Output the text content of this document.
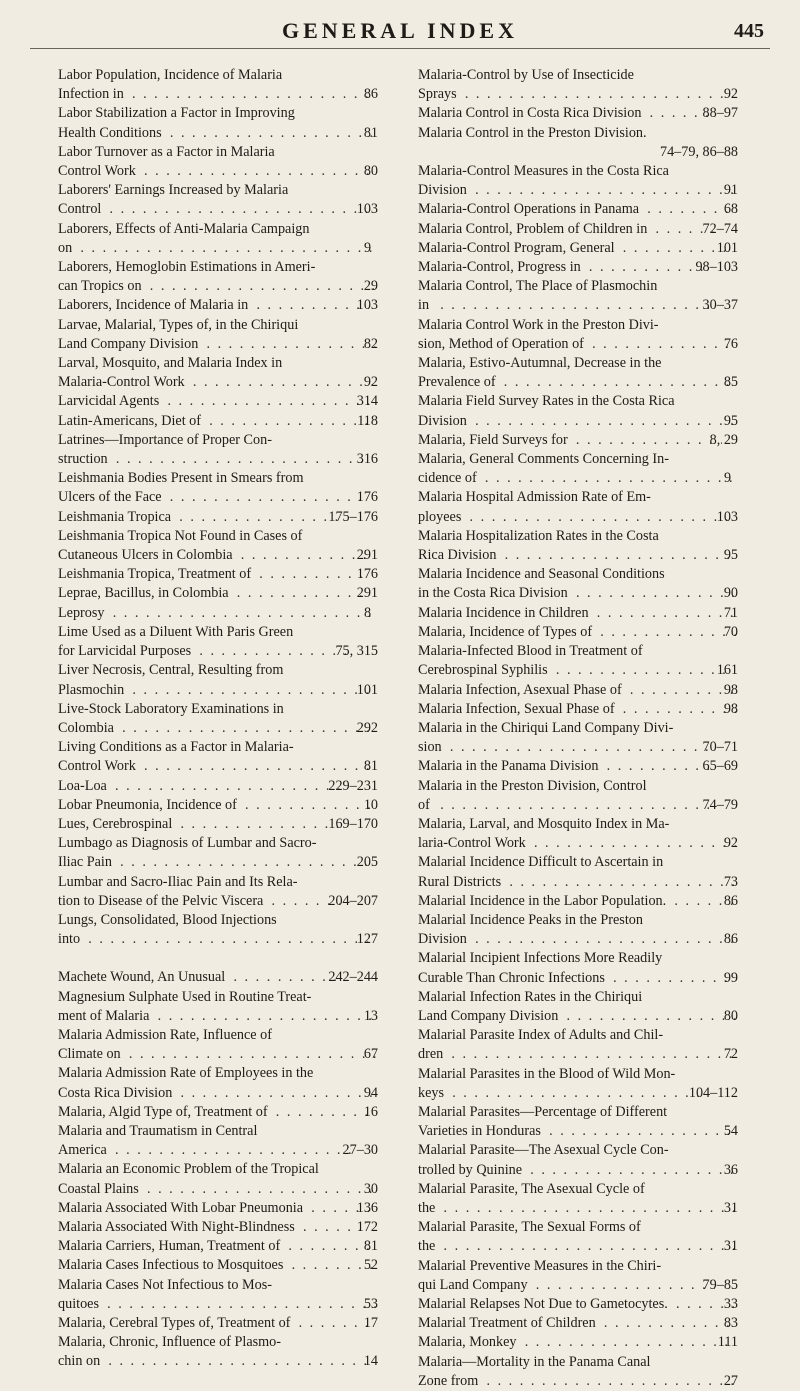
GENERAL INDEX	445
Labor Population, Incidence of Malaria
Infection in . . .	86
Labor Stabilization a Factor in Improving
Health Conditions . . .	81
Labor Turnover as a Factor in Malaria
Control Work . . .	80
Laborers' Earnings Increased by Malaria
Control . . .	103
Laborers, Effects of Anti-Malaria Campaign
on . . .	9
Laborers, Hemoglobin Estimations in Ameri-
can Tropics on . . .	29
Laborers, Incidence of Malaria in . . .	103
Larvae, Malarial, Types of, in the Chiriqui
Land Company Division . . .	82
Larval, Mosquito, and Malaria Index in
Malaria-Control Work . . .	92
Larvicidal Agents . . .	314
Latin-Americans, Diet of . . .	118
Latrines—Importance of Proper Con-
struction . . .	316
Leishmania Bodies Present in Smears from
Ulcers of the Face . . .	176
Leishmania Tropica . . .	175–176
Leishmania Tropica Not Found in Cases of
Cutaneous Ulcers in Colombia . . .	291
Leishmania Tropica, Treatment of . . .	176
Leprae, Bacillus, in Colombia . . .	291
Leprosy . . .	8
Lime Used as a Diluent With Paris Green
for Larvicidal Purposes . . .	75, 315
Liver Necrosis, Central, Resulting from
Plasmochin . . .	101
Live-Stock Laboratory Examinations in
Colombia . . .	292
Living Conditions as a Factor in Malaria-
Control Work . . .	81
Loa-Loa . . .	229–231
Lobar Pneumonia, Incidence of . . .	10
Lues, Cerebrospinal . . .	169–170
Lumbago as Diagnosis of Lumbar and Sacro-
Iliac Pain . . .	205
Lumbar and Sacro-Iliac Pain and Its Rela-
tion to Disease of the Pelvic Viscera . . .	204–207
Lungs, Consolidated, Blood Injections
into . . .	127
Machete Wound, An Unusual . . .	242–244
Magnesium Sulphate Used in Routine Treat-
ment of Malaria . . .	13
Malaria Admission Rate, Influence of
Climate on . . .	67
Malaria Admission Rate of Employees in the
Costa Rica Division . . .	94
Malaria, Algid Type of, Treatment of . . .	16
Malaria and Traumatism in Central
America . . .	27–30
Malaria an Economic Problem of the Tropical
Coastal Plains . . .	30
Malaria Associated With Lobar Pneumonia . . .	136
Malaria Associated With Night-Blindness . . .	172
Malaria Carriers, Human, Treatment of . . .	81
Malaria Cases Infectious to Mosquitoes . . .	52
Malaria Cases Not Infectious to Mos-
quitoes . . .	53
Malaria, Cerebral Types of, Treatment of . . .	17
Malaria, Chronic, Influence of Plasmo-
chin on . . .	14
Malaria-Control by Use of Insecticide
Sprays . . .	92
Malaria Control in Costa Rica Division . . .	88–97
Malaria Control in the Preston Division.
74–79, 86–88
Malaria-Control Measures in the Costa Rica
Division . . .	91
Malaria-Control Operations in Panama . . .	68
Malaria Control, Problem of Children in . . .	72–74
Malaria-Control Program, General . . .	101
Malaria-Control, Progress in . . .	98–103
Malaria Control, The Place of Plasmochin
in . . .	30–37
Malaria Control Work in the Preston Divi-
sion, Method of Operation of . . .	76
Malaria, Estivo-Autumnal, Decrease in the
Prevalence of . . .	85
Malaria Field Survey Rates in the Costa Rica
Division . . .	95
Malaria, Field Surveys for . . .	8, 29
Malaria, General Comments Concerning In-
cidence of . . .	9
Malaria Hospital Admission Rate of Em-
ployees . . .	103
Malaria Hospitalization Rates in the Costa
Rica Division . . .	95
Malaria Incidence and Seasonal Conditions
in the Costa Rica Division . . .	90
Malaria Incidence in Children . . .	71
Malaria, Incidence of Types of . . .	70
Malaria-Infected Blood in Treatment of
Cerebrospinal Syphilis . . .	161
Malaria Infection, Asexual Phase of . . .	98
Malaria Infection, Sexual Phase of . . .	98
Malaria in the Chiriqui Land Company Divi-
sion . . .	70–71
Malaria in the Panama Division . . .	65–69
Malaria in the Preston Division, Control
of . . .	74–79
Malaria, Larval, and Mosquito Index in Ma-
laria-Control Work . . .	92
Malarial Incidence Difficult to Ascertain in
Rural Districts . . .	73
Malarial Incidence in the Labor Population. . . .	86
Malarial Incidence Peaks in the Preston
Division . . .	86
Malarial Incipient Infections More Readily
Curable Than Chronic Infections . . .	99
Malarial Infection Rates in the Chiriqui
Land Company Division . . .	80
Malarial Parasite Index of Adults and Chil-
dren . . .	72
Malarial Parasites in the Blood of Wild Mon-
keys . . .	104–112
Malarial Parasites—Percentage of Different
Varieties in Honduras . . .	54
Malarial Parasite—The Asexual Cycle Con-
trolled by Quinine . . .	36
Malarial Parasite, The Asexual Cycle of
the . . .	31
Malarial Parasite, The Sexual Forms of
the . . .	31
Malarial Preventive Measures in the Chiri-
qui Land Company . . .	79–85
Malarial Relapses Not Due to Gametocytes. . . .	33
Malarial Treatment of Children . . .	83
Malaria, Monkey . . .	111
Malaria—Mortality in the Panama Canal
Zone from . . .	27
